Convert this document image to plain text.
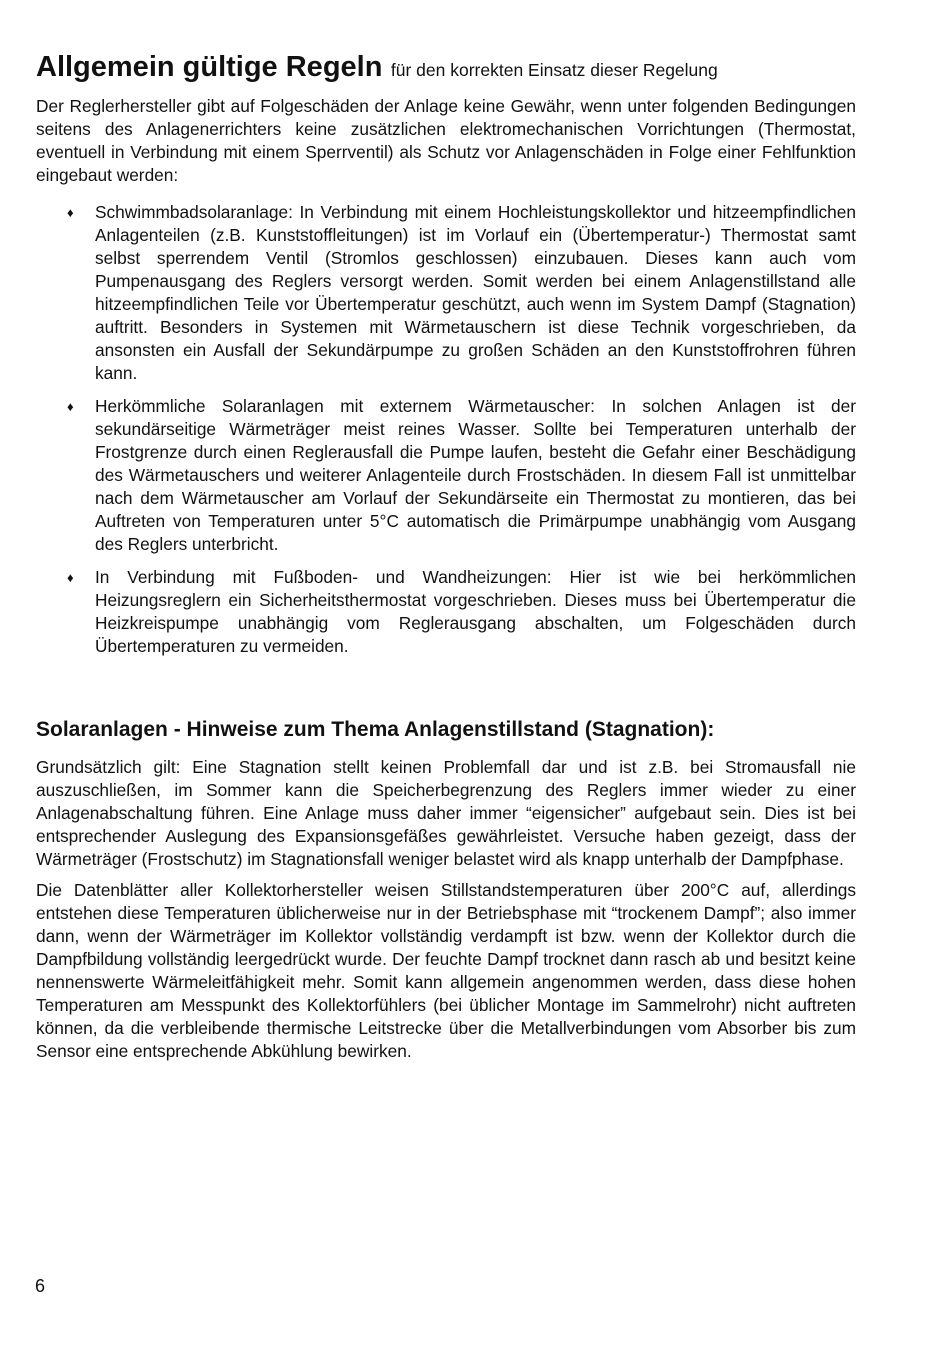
Allgemein gültige Regeln für den korrekten Einsatz dieser Regelung

Der Reglerhersteller gibt auf Folgeschäden der Anlage keine Gewähr, wenn unter folgenden Bedingungen seitens des Anlagenerrichters keine zusätzlichen elektromechanischen Vorrichtungen (Thermostat, eventuell in Verbindung mit einem Sperrventil) als Schutz vor Anlagenschäden in Folge einer Fehlfunktion eingebaut werden:

♦ Schwimmbadsolaranlage: In Verbindung mit einem Hochleistungskollektor und hitzeempfindlichen Anlagenteilen (z.B. Kunststoffleitungen) ist im Vorlauf ein (Übertemperatur-) Thermostat samt selbst sperrendem Ventil (Stromlos geschlossen) einzubauen. Dieses kann auch vom Pumpenausgang des Reglers versorgt werden. Somit werden bei einem Anlagenstillstand alle hitzeempfindlichen Teile vor Übertemperatur geschützt, auch wenn im System Dampf (Stagnation) auftritt. Besonders in Systemen mit Wärmetauschern ist diese Technik vorgeschrieben, da ansonsten ein Ausfall der Sekundärpumpe zu großen Schäden an den Kunststoffrohren führen kann.

♦ Herkömmliche Solaranlagen mit externem Wärmetauscher: In solchen Anlagen ist der sekundärseitige Wärmeträger meist reines Wasser. Sollte bei Temperaturen unterhalb der Frostgrenze durch einen Reglerausfall die Pumpe laufen, besteht die Gefahr einer Beschädigung des Wärmetauschers und weiterer Anlagenteile durch Frostschäden. In diesem Fall ist unmittelbar nach dem Wärmetauscher am Vorlauf der Sekundärseite ein Thermostat zu montieren, das bei Auftreten von Temperaturen unter 5°C automatisch die Primärpumpe unabhängig vom Ausgang des Reglers unterbricht.

♦ In Verbindung mit Fußboden- und Wandheizungen: Hier ist wie bei herkömmlichen Heizungsreglern ein Sicherheitsthermostat vorgeschrieben. Dieses muss bei Übertemperatur die Heizkreispumpe unabhängig vom Reglerausgang abschalten, um Folgeschäden durch Übertemperaturen zu vermeiden.

Solaranlagen - Hinweise zum Thema Anlagenstillstand (Stagnation):

Grundsätzlich gilt: Eine Stagnation stellt keinen Problemfall dar und ist z.B. bei Stromausfall nie auszuschließen, im Sommer kann die Speicherbegrenzung des Reglers immer wieder zu einer Anlagenabschaltung führen. Eine Anlage muss daher immer “eigensicher” aufgebaut sein. Dies ist bei entsprechender Auslegung des Expansionsgefäßes gewährleistet. Versuche haben gezeigt, dass der Wärmeträger (Frostschutz) im Stagnationsfall weniger belastet wird als knapp unterhalb der Dampfphase.

Die Datenblätter aller Kollektorhersteller weisen Stillstandstemperaturen über 200°C auf, allerdings entstehen diese Temperaturen üblicherweise nur in der Betriebsphase mit “trockenem Dampf”; also immer dann, wenn der Wärmeträger im Kollektor vollständig verdampft ist bzw. wenn der Kollektor durch die Dampfbildung vollständig leergedrückt wurde. Der feuchte Dampf trocknet dann rasch ab und besitzt keine nennenswerte Wärmeleitfähigkeit mehr. Somit kann allgemein angenommen werden, dass diese hohen Temperaturen am Messpunkt des Kollektorfühlers (bei üblicher Montage im Sammelrohr) nicht auftreten können, da die verbleibende thermische Leitstrecke über die Metallverbindungen vom Absorber bis zum Sensor eine entsprechende Abkühlung bewirken.

6
